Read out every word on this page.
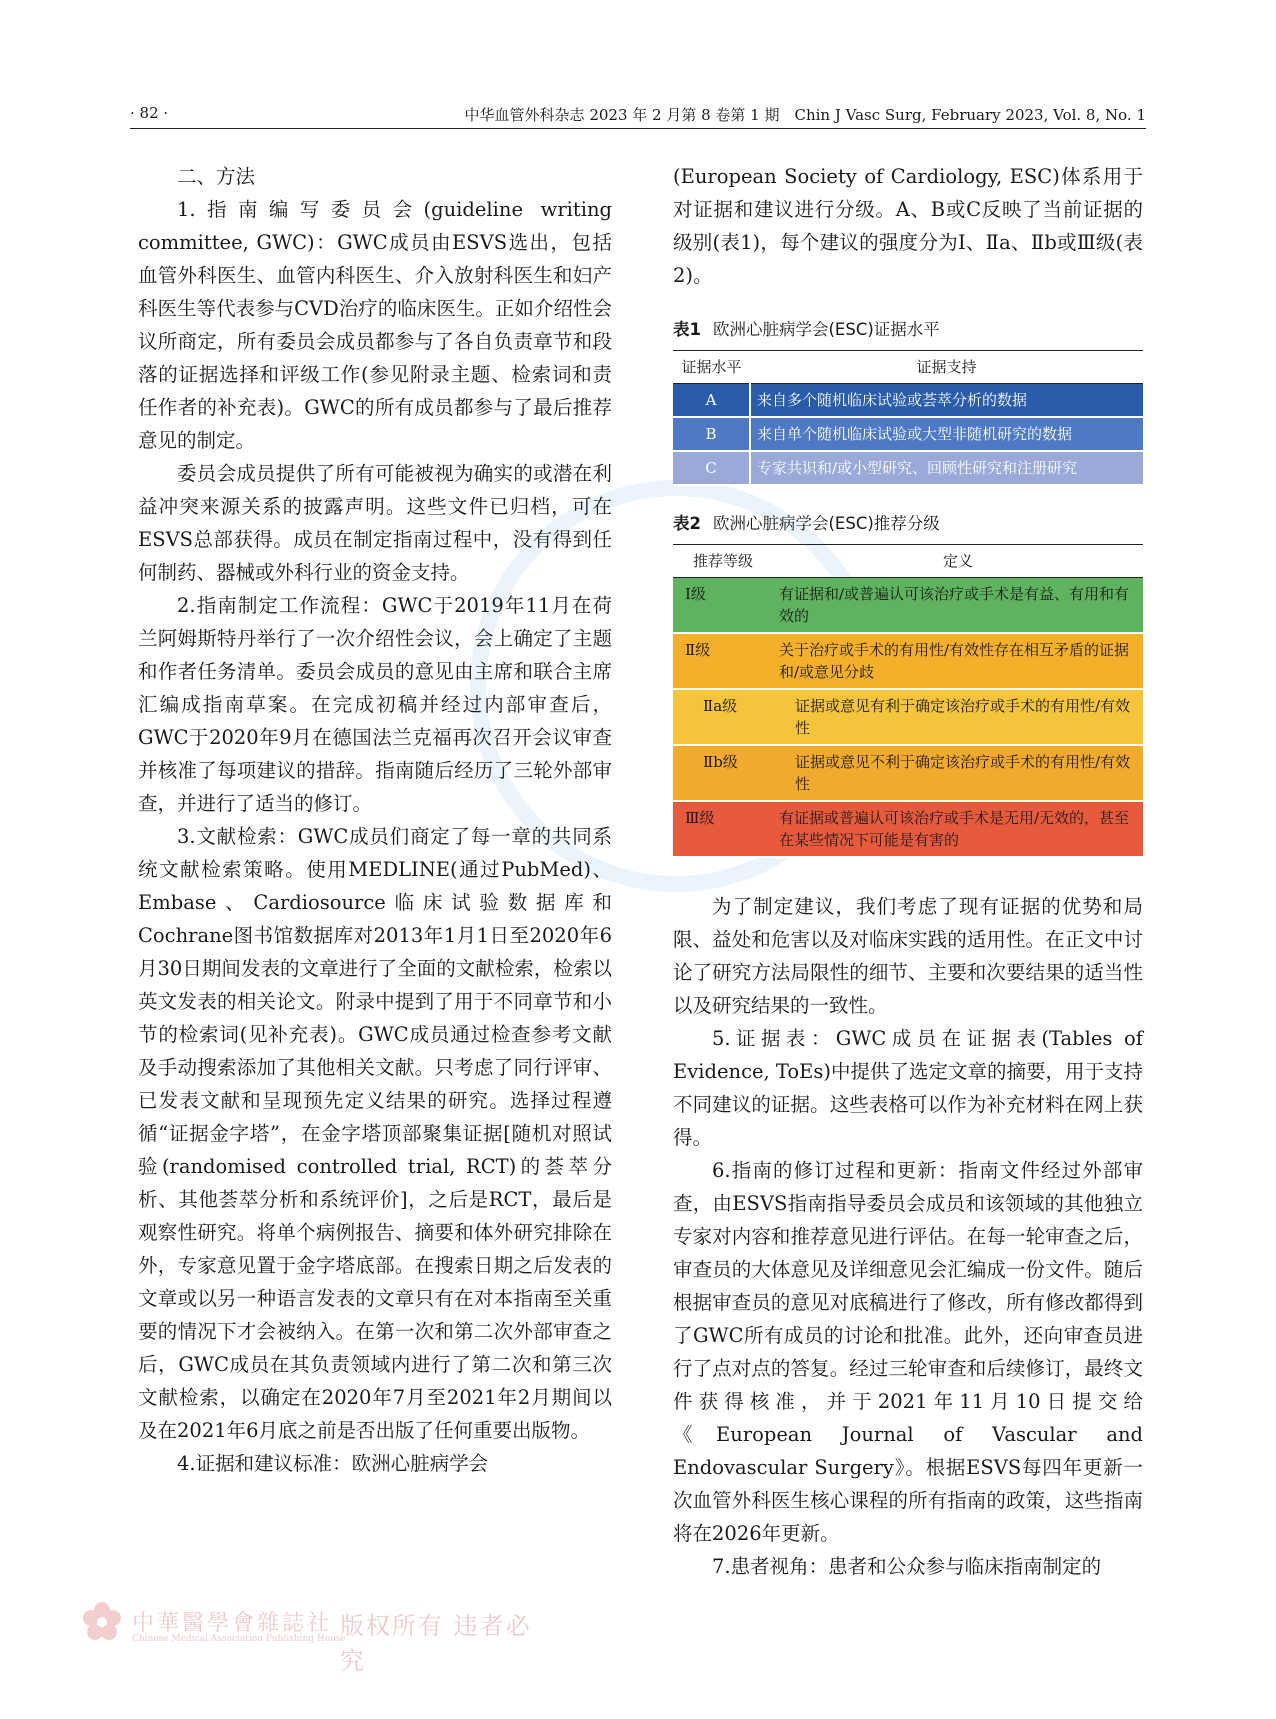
· 82 ·	中华血管外科杂志 2023 年 2 月第 8 卷第 1 期　Chin J Vasc Surg, February 2023, Vol. 8, No. 1

二、方法

1.指南编写委员会(guideline writing committee, GWC)：GWC成员由ESVS选出，包括血管外科医生、血管内科医生、介入放射科医生和妇产科医生等代表参与CVD治疗的临床医生。正如介绍性会议所商定，所有委员会成员都参与了各自负责章节和段落的证据选择和评级工作(参见附录主题、检索词和责任作者的补充表)。GWC的所有成员都参与了最后推荐意见的制定。

委员会成员提供了所有可能被视为确实的或潜在利益冲突来源关系的披露声明。这些文件已归档，可在ESVS总部获得。成员在制定指南过程中，没有得到任何制药、器械或外科行业的资金支持。

2.指南制定工作流程：GWC于2019年11月在荷兰阿姆斯特丹举行了一次介绍性会议，会上确定了主题和作者任务清单。委员会成员的意见由主席和联合主席汇编成指南草案。在完成初稿并经过内部审查后，GWC于2020年9月在德国法兰克福再次召开会议审查并核准了每项建议的措辞。指南随后经历了三轮外部审查，并进行了适当的修订。

3.文献检索：GWC成员们商定了每一章的共同系统文献检索策略。使用MEDLINE(通过PubMed)、Embase、Cardiosource临床试验数据库和Cochrane图书馆数据库对2013年1月1日至2020年6月30日期间发表的文章进行了全面的文献检索，检索以英文发表的相关论文。附录中提到了用于不同章节和小节的检索词(见补充表)。GWC成员通过检查参考文献及手动搜索添加了其他相关文献。只考虑了同行评审、已发表文献和呈现预先定义结果的研究。选择过程遵循“证据金字塔”，在金字塔顶部聚集证据[随机对照试验(randomised controlled trial, RCT)的荟萃分析、其他荟萃分析和系统评价]，之后是RCT，最后是观察性研究。将单个病例报告、摘要和体外研究排除在外，专家意见置于金字塔底部。在搜索日期之后发表的文章或以另一种语言发表的文章只有在对本指南至关重要的情况下才会被纳入。在第一次和第二次外部审查之后，GWC成员在其负责领域内进行了第二次和第三次文献检索，以确定在2020年7月至2021年2月期间以及在2021年6月底之前是否出版了任何重要出版物。

4.证据和建议标准：欧洲心脏病学会

(European Society of Cardiology, ESC)体系用于对证据和建议进行分级。A、B或C反映了当前证据的级别(表1)，每个建议的强度分为Ⅰ、Ⅱa、Ⅱb或Ⅲ级(表2)。

表1 欧洲心脏病学会(ESC)证据水平

证据水平	证据支持
A	来自多个随机临床试验或荟萃分析的数据
B	来自单个随机临床试验或大型非随机研究的数据
C	专家共识和/或小型研究、回顾性研究和注册研究

表2 欧洲心脏病学会(ESC)推荐分级

推荐等级	定义
Ⅰ级	有证据和/或普遍认可该治疗或手术是有益、有用和有效的
Ⅱ级	关于治疗或手术的有用性/有效性存在相互矛盾的证据和/或意见分歧
Ⅱa级	证据或意见有利于确定该治疗或手术的有用性/有效性
Ⅱb级	证据或意见不利于确定该治疗或手术的有用性/有效性
Ⅲ级	有证据或普遍认可该治疗或手术是无用/无效的，甚至在某些情况下可能是有害的

为了制定建议，我们考虑了现有证据的优势和局限、益处和危害以及对临床实践的适用性。在正文中讨论了研究方法局限性的细节、主要和次要结果的适当性以及研究结果的一致性。

5.证据表：GWC成员在证据表(Tables of Evidence, ToEs)中提供了选定文章的摘要，用于支持不同建议的证据。这些表格可以作为补充材料在网上获得。

6.指南的修订过程和更新：指南文件经过外部审查，由ESVS指南指导委员会成员和该领域的其他独立专家对内容和推荐意见进行评估。在每一轮审查之后，审查员的大体意见及详细意见会汇编成一份文件。随后根据审查员的意见对底稿进行了修改，所有修改都得到了GWC所有成员的讨论和批准。此外，还向审查员进行了点对点的答复。经过三轮审查和后续修订，最终文件获得核准，并于2021年11月10日提交给《European Journal of Vascular and Endovascular Surgery》。根据ESVS每四年更新一次血管外科医生核心课程的所有指南的政策，这些指南将在2026年更新。

7.患者视角：患者和公众参与临床指南制定的

中華醫學會雜誌社
Chinese Medical Association Publishing House
版权所有 违者必究
